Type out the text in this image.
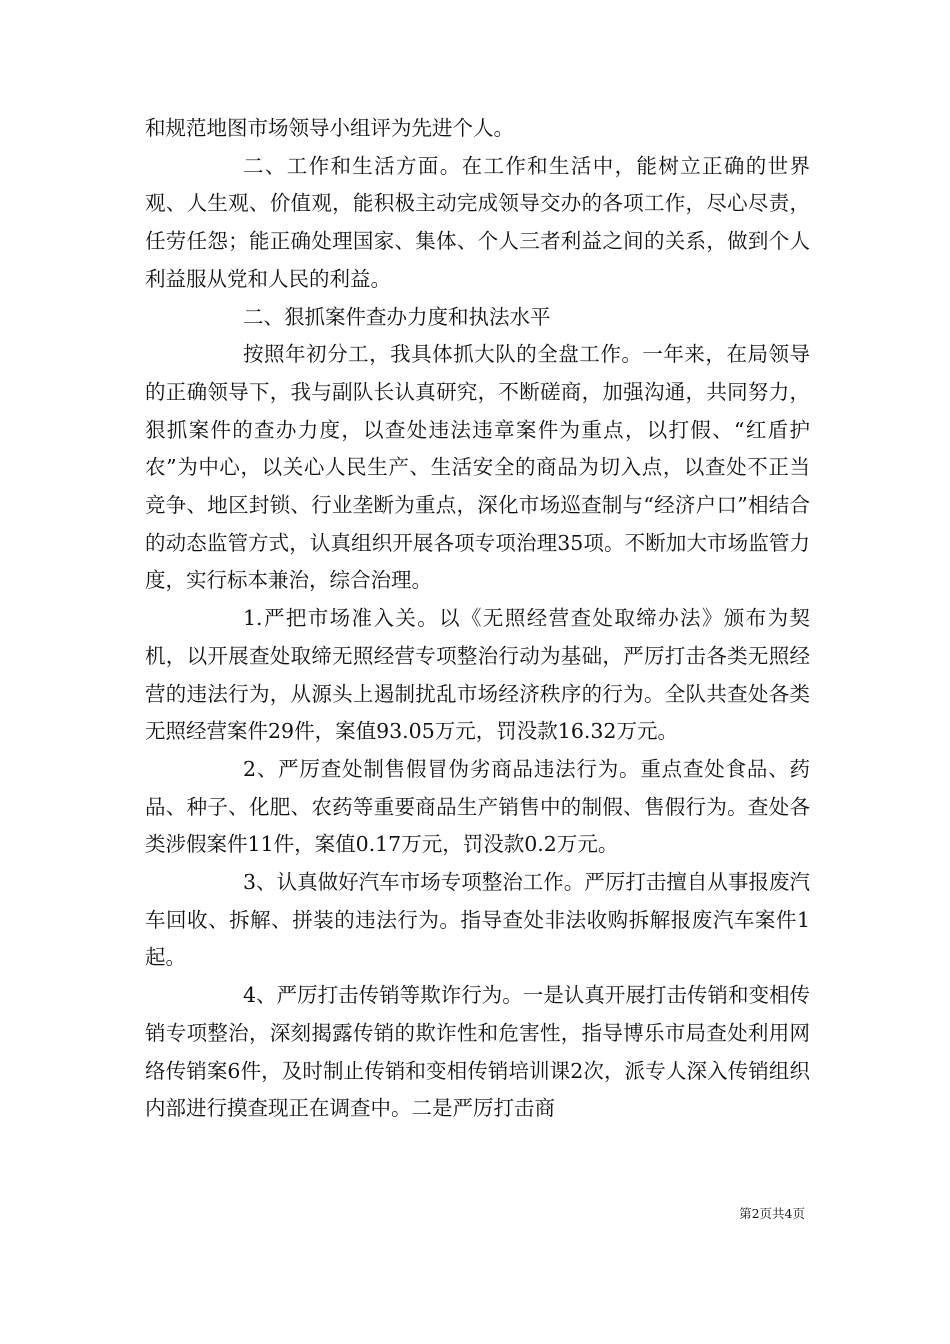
和规范地图市场领导小组评为先进个人。

二、工作和生活方面。在工作和生活中，能树立正确的世界观、人生观、价值观，能积极主动完成领导交办的各项工作，尽心尽责，任劳任怨；能正确处理国家、集体、个人三者利益之间的关系，做到个人利益服从党和人民的利益。

二、狠抓案件查办力度和执法水平

按照年初分工，我具体抓大队的全盘工作。一年来，在局领导的正确领导下，我与副队长认真研究，不断磋商，加强沟通，共同努力，狠抓案件的查办力度，以查处违法违章案件为重点，以打假、“红盾护农”为中心，以关心人民生产、生活安全的商品为切入点，以查处不正当竞争、地区封锁、行业垄断为重点，深化市场巡查制与“经济户口”相结合的动态监管方式，认真组织开展各项专项治理35项。不断加大市场监管力度，实行标本兼治，综合治理。

1.严把市场准入关。以《无照经营查处取缔办法》颁布为契机，以开展查处取缔无照经营专项整治行动为基础，严厉打击各类无照经营的违法行为，从源头上遏制扰乱市场经济秩序的行为。全队共查处各类无照经营案件29件，案值93.05万元，罚没款16.32万元。

2、严厉查处制售假冒伪劣商品违法行为。重点查处食品、药品、种子、化肥、农药等重要商品生产销售中的制假、售假行为。查处各类涉假案件11件，案值0.17万元，罚没款0.2万元。

3、认真做好汽车市场专项整治工作。严厉打击擅自从事报废汽车回收、拆解、拼装的违法行为。指导查处非法收购拆解报废汽车案件1起。

4、严厉打击传销等欺诈行为。一是认真开展打击传销和变相传销专项整治，深刻揭露传销的欺诈性和危害性，指导博乐市局查处利用网络传销案6件，及时制止传销和变相传销培训课2次，派专人深入传销组织内部进行摸查现正在调查中。二是严厉打击商

第2页共4页
